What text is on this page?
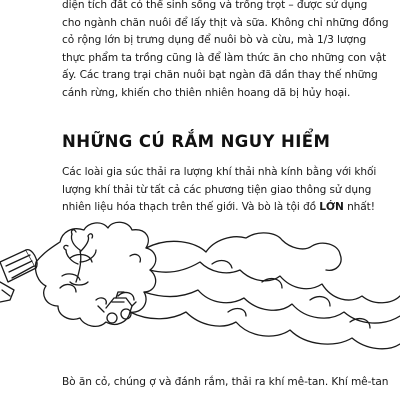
diện tích đất có thể sinh sống và trồng trọt – được sử dụng
cho ngành chăn nuôi để lấy thịt và sữa. Không chỉ những đồng
cỏ rộng lớn bị trưng dụng để nuôi bò và cừu, mà 1/3 lượng
thực phẩm ta trồng cũng là để làm thức ăn cho những con vật
ấy. Các trang trại chăn nuôi bạt ngàn đã dần thay thế những
cánh rừng, khiến cho thiên nhiên hoang dã bị hủy hoại.
NHỮNG CÚ RẮM NGUY HIỂM
Các loài gia súc thải ra lượng khí thải nhà kính bằng với khối
lượng khí thải từ tất cả các phương tiện giao thông sử dụng
nhiên liệu hóa thạch trên thế giới. Và bò là tội đồ LỚN nhất!
Bò ăn cỏ, chúng ợ và đánh rắm, thải ra khí mê-tan. Khí mê-tan
